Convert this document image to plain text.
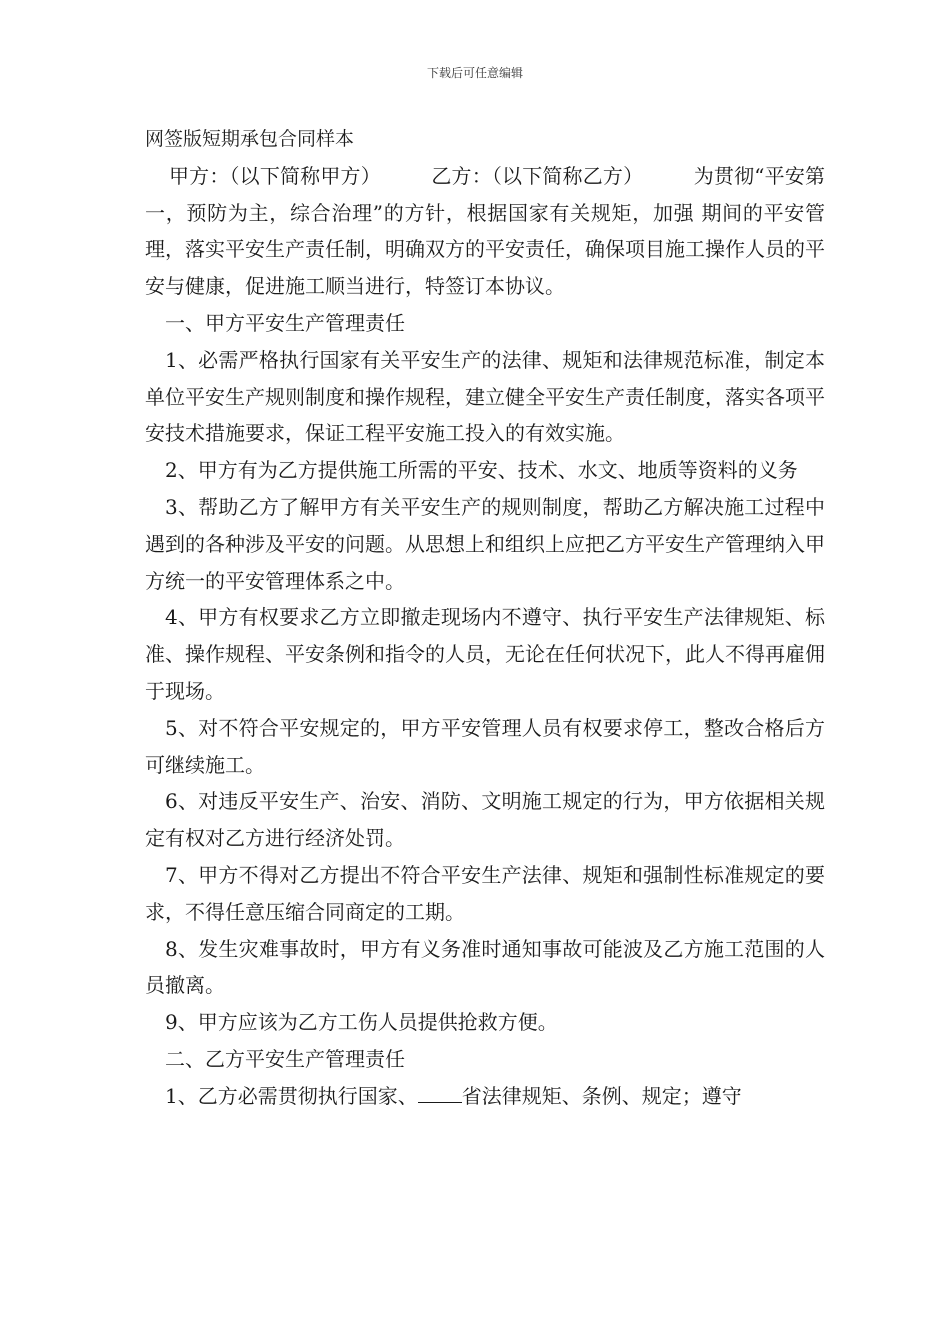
下载后可任意编辑

网签版短期承包合同样本

甲方：（以下简称甲方）　　　乙方：（以下简称乙方）　　　为贯彻“平安第一，预防为主，综合治理”的方针，根据国家有关规矩，加强 期间的平安管理，落实平安生产责任制，明确双方的平安责任，确保项目施工操作人员的平安与健康，促进施工顺当进行，特签订本协议。

一、甲方平安生产管理责任

1、必需严格执行国家有关平安生产的法律、规矩和法律规范标准，制定本单位平安生产规则制度和操作规程，建立健全平安生产责任制度，落实各项平安技术措施要求，保证工程平安施工投入的有效实施。

2、甲方有为乙方提供施工所需的平安、技术、水文、地质等资料的义务

3、帮助乙方了解甲方有关平安生产的规则制度，帮助乙方解决施工过程中遇到的各种涉及平安的问题。从思想上和组织上应把乙方平安生产管理纳入甲方统一的平安管理体系之中。

4、甲方有权要求乙方立即撤走现场内不遵守、执行平安生产法律规矩、标准、操作规程、平安条例和指令的人员，无论在任何状况下，此人不得再雇佣于现场。

5、对不符合平安规定的，甲方平安管理人员有权要求停工，整改合格后方可继续施工。

6、对违反平安生产、治安、消防、文明施工规定的行为，甲方依据相关规定有权对乙方进行经济处罚。

7、甲方不得对乙方提出不符合平安生产法律、规矩和强制性标准规定的要求，不得任意压缩合同商定的工期。

8、发生灾难事故时，甲方有义务准时通知事故可能波及乙方施工范围的人员撤离。

9、甲方应该为乙方工伤人员提供抢救方便。

二、乙方平安生产管理责任

1、乙方必需贯彻执行国家、 省法律规矩、条例、规定；遵守
